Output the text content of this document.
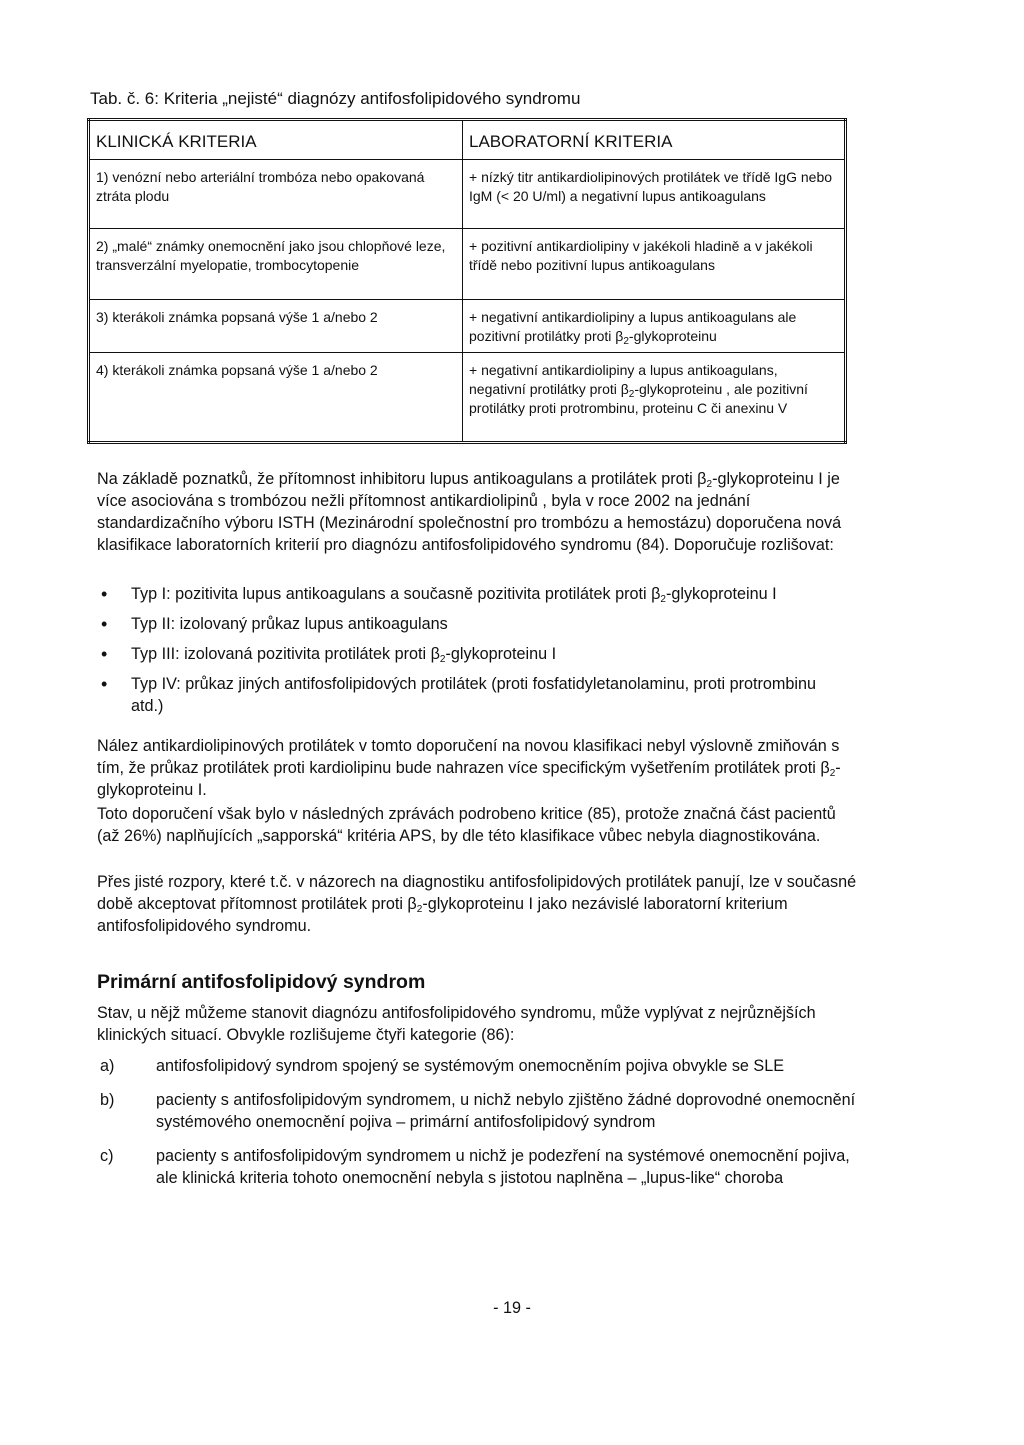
Tab. č. 6: Kriteria „nejisté“ diagnózy antifosfolipidového syndromu
KLINICKÁ KRITERIA	LABORATORNÍ KRITERIA
1) venózní nebo arteriální trombóza nebo opakovaná ztráta plodu	+ nízký titr antikardiolipinových protilátek ve třídě IgG nebo IgM (< 20 U/ml) a negativní lupus antikoagulans
2) „malé“ známky onemocnění jako jsou chlopňové leze, transverzální myelopatie, trombocytopenie	+ pozitivní antikardiolipiny v jakékoli hladině a v jakékoli třídě nebo pozitivní lupus antikoagulans
3) kterákoli známka popsaná výše 1 a/nebo 2	+ negativní antikardiolipiny a lupus antikoagulans ale pozitivní protilátky proti $\beta_2$-glykoproteinu
4) kterákoli známka popsaná výše 1 a/nebo 2	+ negativní antikardiolipiny a lupus antikoagulans, negativní protilátky proti $\beta_2$-glykoproteinu , ale pozitivní protilátky proti protrombinu, proteinu C či anexinu V
Na základě poznatků, že přítomnost inhibitoru lupus antikoagulans a protilátek proti $\beta_2$-glykoproteinu I je více asociována s trombózou nežli přítomnost antikardiolipinů , byla v roce 2002 na jednání standardizačního výboru ISTH (Mezinárodní společnostní pro trombózu a hemostázu) doporučena nová klasifikace laboratorních kriterií pro diagnózu antifosfolipidového syndromu (84). Doporučuje rozlišovat:
• Typ I: pozitivita lupus antikoagulans a současně pozitivita protilátek proti $\beta_2$-glykoproteinu I
• Typ II: izolovaný průkaz lupus antikoagulans
• Typ III: izolovaná pozitivita protilátek proti $\beta_2$-glykoproteinu I
• Typ IV: průkaz jiných antifosfolipidových protilátek (proti fosfatidyletanolaminu, proti protrombinu atd.)
Nález antikardiolipinových protilátek v tomto doporučení na novou klasifikaci nebyl výslovně zmiňován s tím, že průkaz protilátek proti kardiolipinu bude nahrazen více specifickým vyšetřením protilátek proti $\beta_2$-glykoproteinu I.
Toto doporučení však bylo v následných zprávách podrobeno kritice (85), protože značná část pacientů (až 26%) naplňujících „sapporská“ kritéria APS, by dle této klasifikace vůbec nebyla diagnostikována.
Přes jisté rozpory, které t.č. v názorech na diagnostiku antifosfolipidových protilátek panují, lze v současné době akceptovat přítomnost protilátek proti $\beta_2$-glykoproteinu I jako nezávislé laboratorní kriterium antifosfolipidového syndromu.
Primární antifosfolipidový syndrom
Stav, u nějž můžeme stanovit diagnózu antifosfolipidového syndromu, může vyplývat z nejrůznějších klinických situací. Obvykle rozlišujeme čtyři kategorie (86):
a)	antifosfolipidový syndrom spojený se systémovým onemocněním pojiva obvykle se SLE
b)	pacienty s antifosfolipidovým syndromem, u nichž nebylo zjištěno žádné doprovodné onemocnění systémového onemocnění pojiva – primární antifosfolipidový syndrom
c)	pacienty s antifosfolipidovým syndromem u nichž je podezření na systémové onemocnění pojiva, ale klinická kriteria tohoto onemocnění nebyla s jistotou naplněna – „lupus-like“ choroba
- 19 -
